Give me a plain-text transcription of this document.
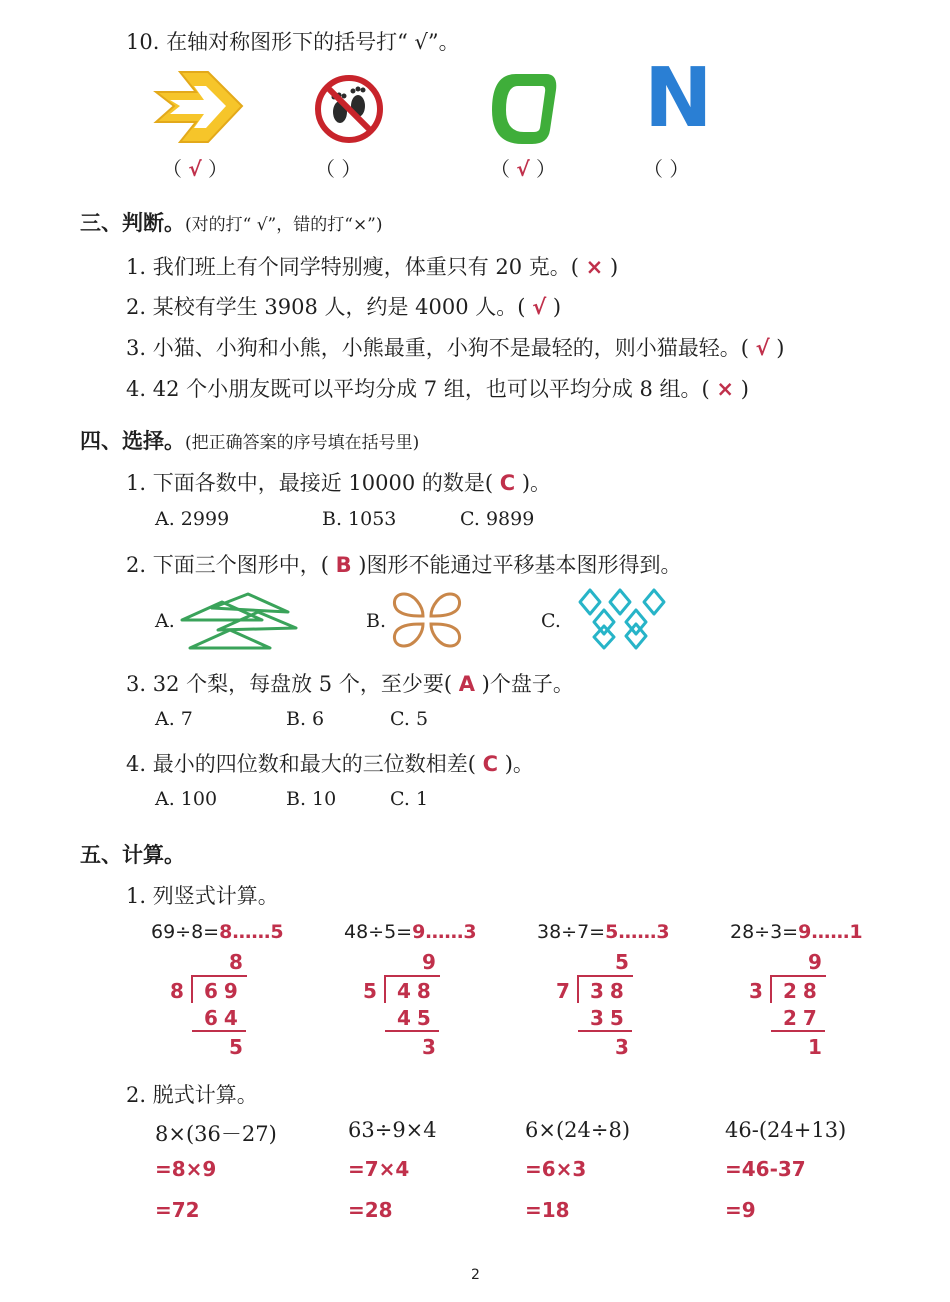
10. 在轴对称图形下的括号打“ √”。
N
（ √ ）	（ ）	（ √ ）	（ ）
三、判断。(对的打“ √”，错的打“×”)
1. 我们班上有个同学特别瘦，体重只有 20 克。( × )
2. 某校有学生 3908 人，约是 4000 人。( √ )
3. 小猫、小狗和小熊，小熊最重，小狗不是最轻的，则小猫最轻。( √ )
4. 42 个小朋友既可以平均分成 7 组，也可以平均分成 8 组。( × )
四、选择。(把正确答案的序号填在括号里)
1. 下面各数中，最接近 10000 的数是( C )。
A. 2999	B. 1053	C. 9899
2. 下面三个图形中，( B )图形不能通过平移基本图形得到。
A.	B.	C.
3. 32 个梨，每盘放 5 个，至少要( A )个盘子。
A. 7	B. 6	C. 5
4. 最小的四位数和最大的三位数相差( C )。
A. 100	B. 10	C. 1
五、计算。
1. 列竖式计算。
69÷8=8……5
8
8 69
64
5
48÷5=9……3
9
5 48
45
3
38÷7=5……3
5
7 38
35
3
28÷3=9……1
9
3 28
27
1
2. 脱式计算。
8×(36－27)
=8×9
=72
63÷9×4
=7×4
=28
6×(24÷8)
=6×3
=18
46-(24+13)
=46-37
=9
2
